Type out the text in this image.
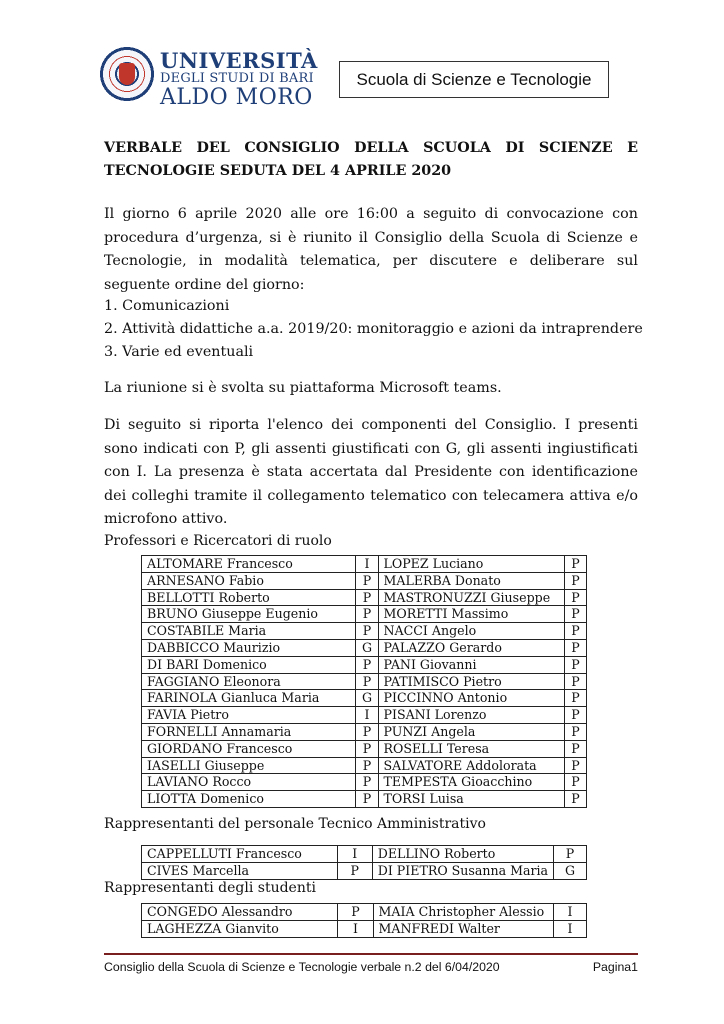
UNIVERSITÀ
DEGLI STUDI DI BARI
ALDO MORO
Scuola di Scienze e Tecnologie
VERBALE DEL CONSIGLIO DELLA SCUOLA DI SCIENZE E TECNOLOGIE SEDUTA DEL 4 APRILE 2020
Il giorno 6 aprile 2020 alle ore 16:00 a seguito di convocazione con procedura d’urgenza, si è riunito il Consiglio della Scuola di Scienze e Tecnologie, in modalità telematica, per discutere e deliberare sul seguente ordine del giorno:
1. Comunicazioni
2. Attività didattiche a.a. 2019/20: monitoraggio e azioni da intraprendere
3. Varie ed eventuali
La riunione si è svolta su piattaforma Microsoft teams.
Di seguito si riporta l'elenco dei componenti del Consiglio. I presenti sono indicati con P, gli assenti giustificati con G, gli assenti ingiustificati con I. La presenza è stata accertata dal Presidente con identificazione dei colleghi tramite il collegamento telematico con telecamera attiva e/o microfono attivo.
Professori e Ricercatori di ruolo
ALTOMARE Francesco	I	LOPEZ Luciano	P
ARNESANO Fabio	P	MALERBA Donato	P
BELLOTTI Roberto	P	MASTRONUZZI Giuseppe	P
BRUNO Giuseppe Eugenio	P	MORETTI Massimo	P
COSTABILE Maria	P	NACCI Angelo	P
DABBICCO Maurizio	G	PALAZZO Gerardo	P
DI BARI Domenico	P	PANI Giovanni	P
FAGGIANO Eleonora	P	PATIMISCO Pietro	P
FARINOLA Gianluca Maria	G	PICCINNO Antonio	P
FAVIA Pietro	I	PISANI Lorenzo	P
FORNELLI Annamaria	P	PUNZI Angela	P
GIORDANO Francesco	P	ROSELLI Teresa	P
IASELLI Giuseppe	P	SALVATORE Addolorata	P
LAVIANO Rocco	P	TEMPESTA Gioacchino	P
LIOTTA Domenico	P	TORSI Luisa	P
Rappresentanti del personale Tecnico Amministrativo
CAPPELLUTI Francesco	I	DELLINO Roberto	P
CIVES Marcella	P	DI PIETRO Susanna Maria	G
Rappresentanti degli studenti
CONGEDO Alessandro	P	MAIA Christopher Alessio	I
LAGHEZZA Gianvito	I	MANFREDI Walter	I
Consiglio della Scuola di Scienze e Tecnologie verbale n.2 del 6/04/2020	Pagina1
